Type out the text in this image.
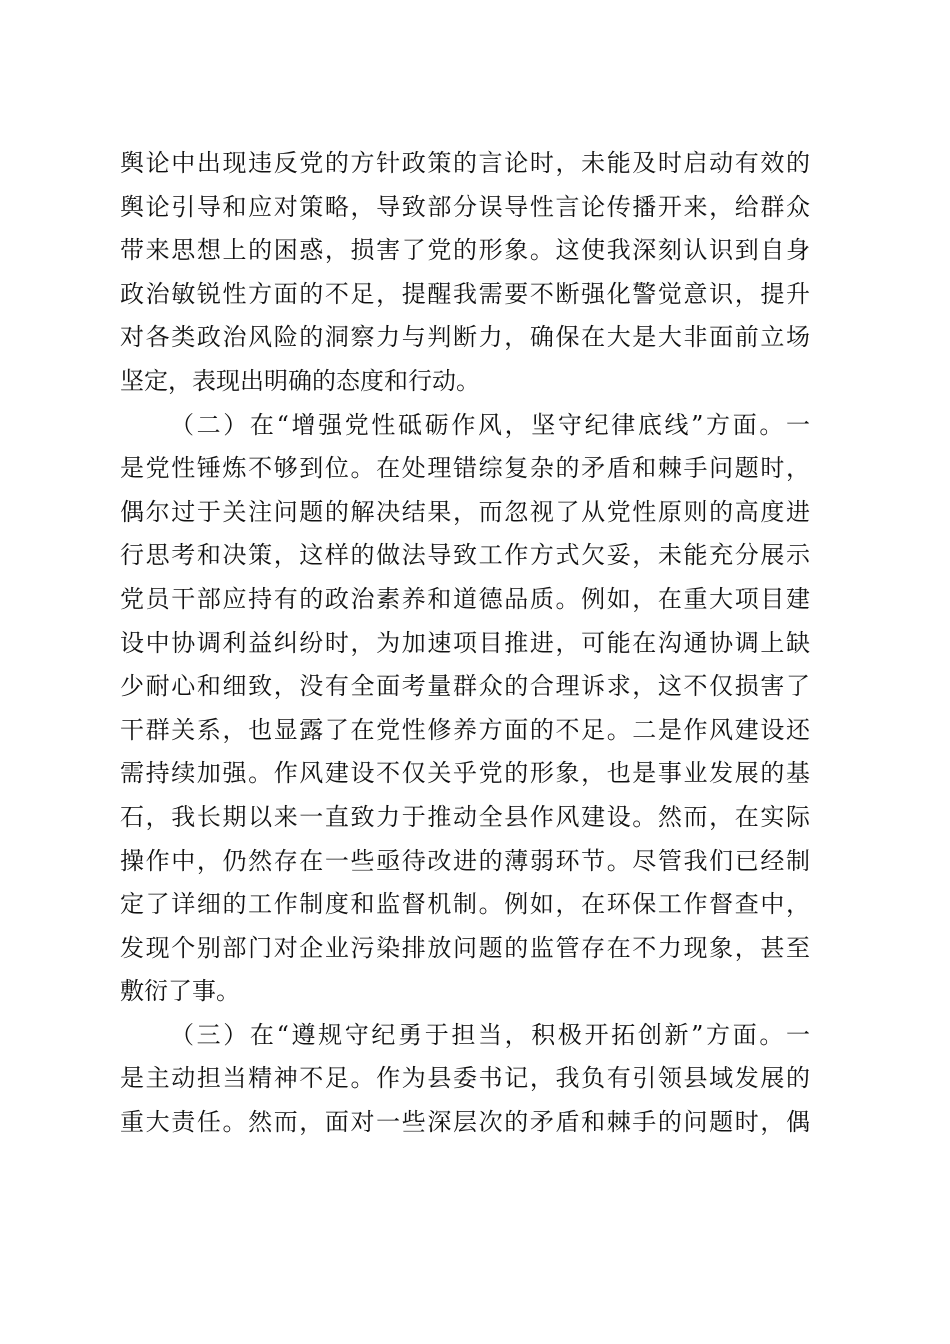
舆论中出现违反党的方针政策的言论时，未能及时启动有效的
舆论引导和应对策略，导致部分误导性言论传播开来，给群众
带来思想上的困惑，损害了党的形象。这使我深刻认识到自身
政治敏锐性方面的不足，提醒我需要不断强化警觉意识，提升
对各类政治风险的洞察力与判断力，确保在大是大非面前立场
坚定，表现出明确的态度和行动。
（二）在“增强党性砥砺作风，坚守纪律底线”方面。一
是党性锤炼不够到位。在处理错综复杂的矛盾和棘手问题时，
偶尔过于关注问题的解决结果，而忽视了从党性原则的高度进
行思考和决策，这样的做法导致工作方式欠妥，未能充分展示
党员干部应持有的政治素养和道德品质。例如，在重大项目建
设中协调利益纠纷时，为加速项目推进，可能在沟通协调上缺
少耐心和细致，没有全面考量群众的合理诉求，这不仅损害了
干群关系，也显露了在党性修养方面的不足。二是作风建设还
需持续加强。作风建设不仅关乎党的形象，也是事业发展的基
石，我长期以来一直致力于推动全县作风建设。然而，在实际
操作中，仍然存在一些亟待改进的薄弱环节。尽管我们已经制
定了详细的工作制度和监督机制。例如，在环保工作督查中，
发现个别部门对企业污染排放问题的监管存在不力现象，甚至
敷衍了事。
（三）在“遵规守纪勇于担当，积极开拓创新”方面。一
是主动担当精神不足。作为县委书记，我负有引领县域发展的
重大责任。然而，面对一些深层次的矛盾和棘手的问题时，偶
